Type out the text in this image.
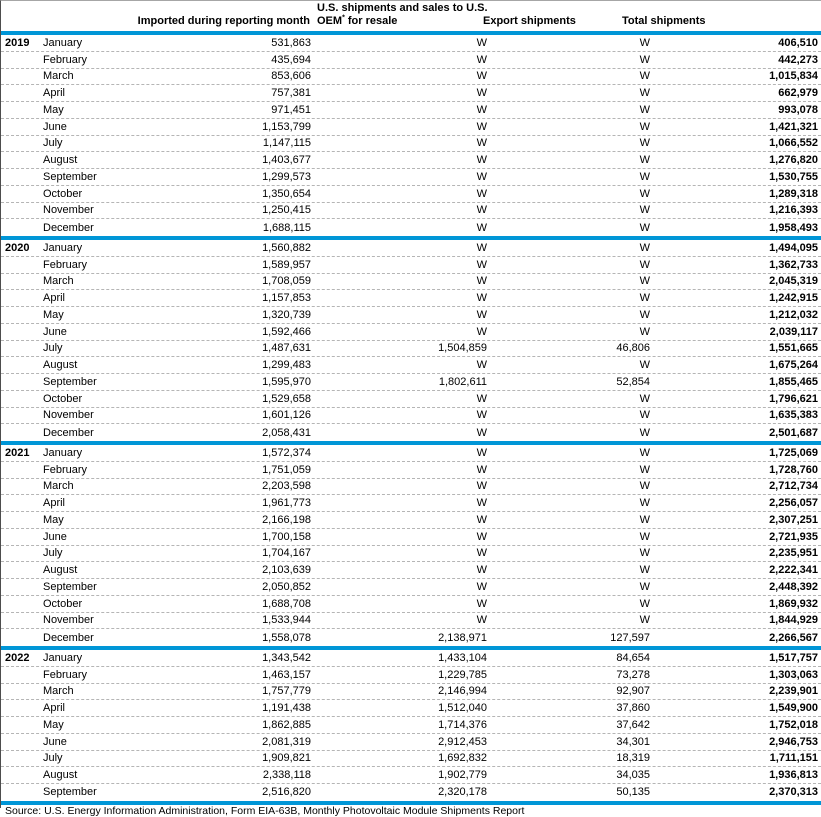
Imported during reporting month
U.S. shipments and sales to U.S.
OEM* for resale	Export shipments	Total shipments
2019	January	531,863	W	W	406,510
February	435,694	W	W	442,273
March	853,606	W	W	1,015,834
April	757,381	W	W	662,979
May	971,451	W	W	993,078
June	1,153,799	W	W	1,421,321
July	1,147,115	W	W	1,066,552
August	1,403,677	W	W	1,276,820
September	1,299,573	W	W	1,530,755
October	1,350,654	W	W	1,289,318
November	1,250,415	W	W	1,216,393
December	1,688,115	W	W	1,958,493
2020	January	1,560,882	W	W	1,494,095
February	1,589,957	W	W	1,362,733
March	1,708,059	W	W	2,045,319
April	1,157,853	W	W	1,242,915
May	1,320,739	W	W	1,212,032
June	1,592,466	W	W	2,039,117
July	1,487,631	1,504,859	46,806	1,551,665
August	1,299,483	W	W	1,675,264
September	1,595,970	1,802,611	52,854	1,855,465
October	1,529,658	W	W	1,796,621
November	1,601,126	W	W	1,635,383
December	2,058,431	W	W	2,501,687
2021	January	1,572,374	W	W	1,725,069
February	1,751,059	W	W	1,728,760
March	2,203,598	W	W	2,712,734
April	1,961,773	W	W	2,256,057
May	2,166,198	W	W	2,307,251
June	1,700,158	W	W	2,721,935
July	1,704,167	W	W	2,235,951
August	2,103,639	W	W	2,222,341
September	2,050,852	W	W	2,448,392
October	1,688,708	W	W	1,869,932
November	1,533,944	W	W	1,844,929
December	1,558,078	2,138,971	127,597	2,266,567
2022	January	1,343,542	1,433,104	84,654	1,517,757
February	1,463,157	1,229,785	73,278	1,303,063
March	1,757,779	2,146,994	92,907	2,239,901
April	1,191,438	1,512,040	37,860	1,549,900
May	1,862,885	1,714,376	37,642	1,752,018
June	2,081,319	2,912,453	34,301	2,946,753
July	1,909,821	1,692,832	18,319	1,711,151
August	2,338,118	1,902,779	34,035	1,936,813
September	2,516,820	2,320,178	50,135	2,370,313
Source: U.S. Energy Information Administration, Form EIA-63B, Monthly Photovoltaic Module Shipments Report
